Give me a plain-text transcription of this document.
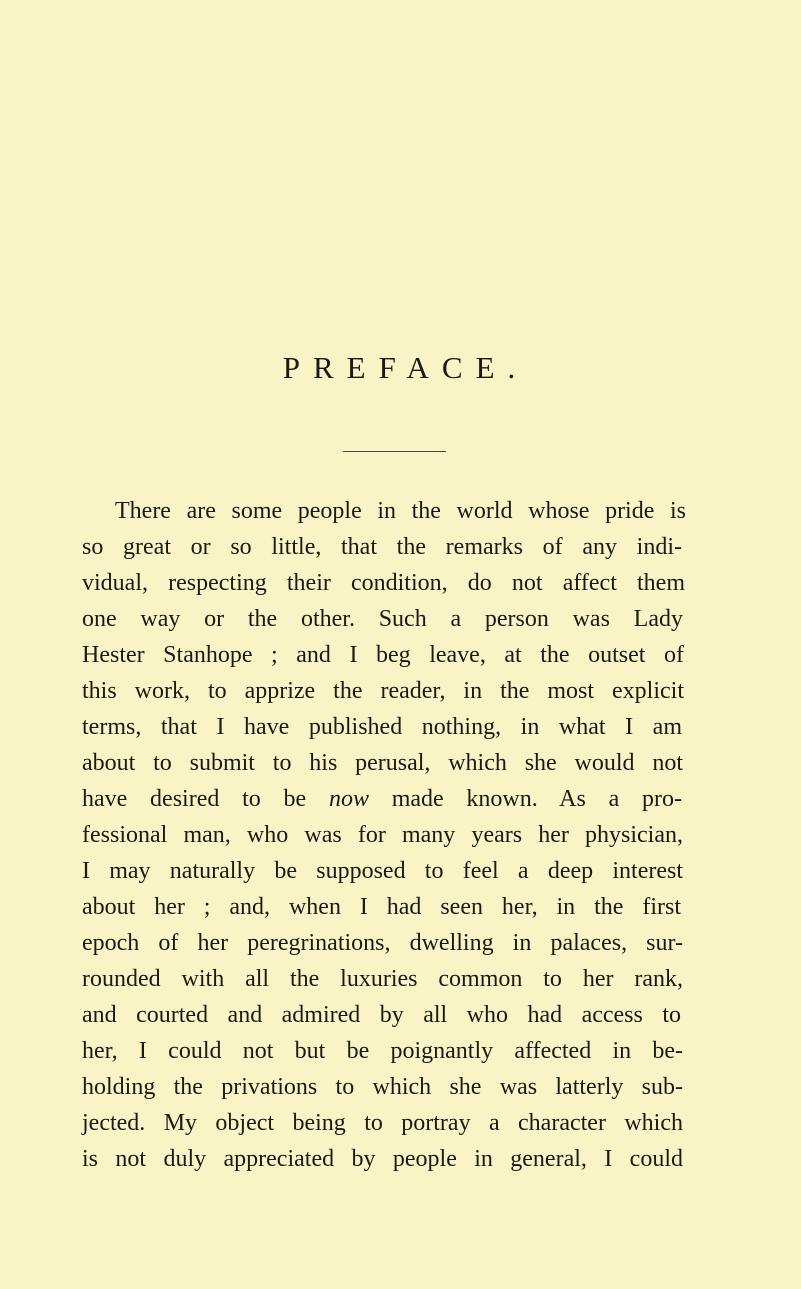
PREFACE.
There are some people in the world whose pride is
so great or so little, that the remarks of any indi-
vidual, respecting their condition, do not affect them
one way or the other. Such a person was Lady
Hester Stanhope ; and I beg leave, at the outset of
this work, to apprize the reader, in the most explicit
terms, that I have published nothing, in what I am
about to submit to his perusal, which she would not
have desired to be now made known. As a pro-
fessional man, who was for many years her physician,
I may naturally be supposed to feel a deep interest
about her ; and, when I had seen her, in the first
epoch of her peregrinations, dwelling in palaces, sur-
rounded with all the luxuries common to her rank,
and courted and admired by all who had access to
her, I could not but be poignantly affected in be-
holding the privations to which she was latterly sub-
jected. My object being to portray a character which
is not duly appreciated by people in general, I could
